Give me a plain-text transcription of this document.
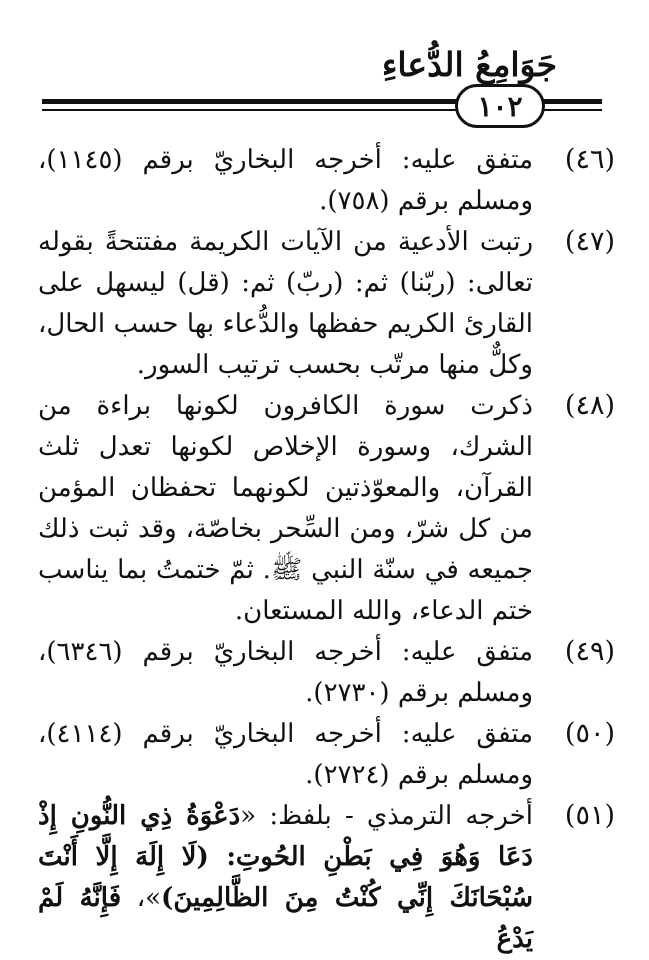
جَوَامِعُ الدُّعاءِ
١٠٢
(٤٦)
متفق عليه: أخرجه البخاريّ برقم (١١٤٥)، ومسلم برقم (٧٥٨).
(٤٧)
رتبت الأدعية من الآيات الكريمة مفتتحةً بقوله تعالى: (ربّنا) ثم: (ربّ) ثم: (قل) ليسهل على القارئ الكريم حفظها والدُّعاء بها حسب الحال، وكلٌّ منها مرتّب بحسب ترتيب السور.
(٤٨)
ذكرت سورة الكافرون لكونها براءة من الشرك، وسورة الإخلاص لكونها تعدل ثلث القرآن، والمعوّذتين لكونهما تحفظان المؤمن من كل شرّ، ومن السِّحر بخاصّة، وقد ثبت ذلك جميعه في سنّة النبي ﷺ. ثمّ ختمتُ بما يناسب ختم الدعاء، والله المستعان.
(٤٩)
متفق عليه: أخرجه البخاريّ برقم (٦٣٤٦)، ومسلم برقم (٢٧٣٠).
(٥٠)
متفق عليه: أخرجه البخاريّ برقم (٤١١٤)، ومسلم برقم (٢٧٢٤).
(٥١)
أخرجه الترمذي - بلفظ: «دَعْوَةُ ذِي النُّونِ إِذْ دَعَا وَهُوَ فِي بَطْنِ الحُوتِ: (لَا إِلَهَ إِلَّا أَنْتَ سُبْحَانَكَ إِنِّي كُنْتُ مِنَ الظَّالِمِينَ)»، فَإِنَّهُ لَمْ يَدْعُ
